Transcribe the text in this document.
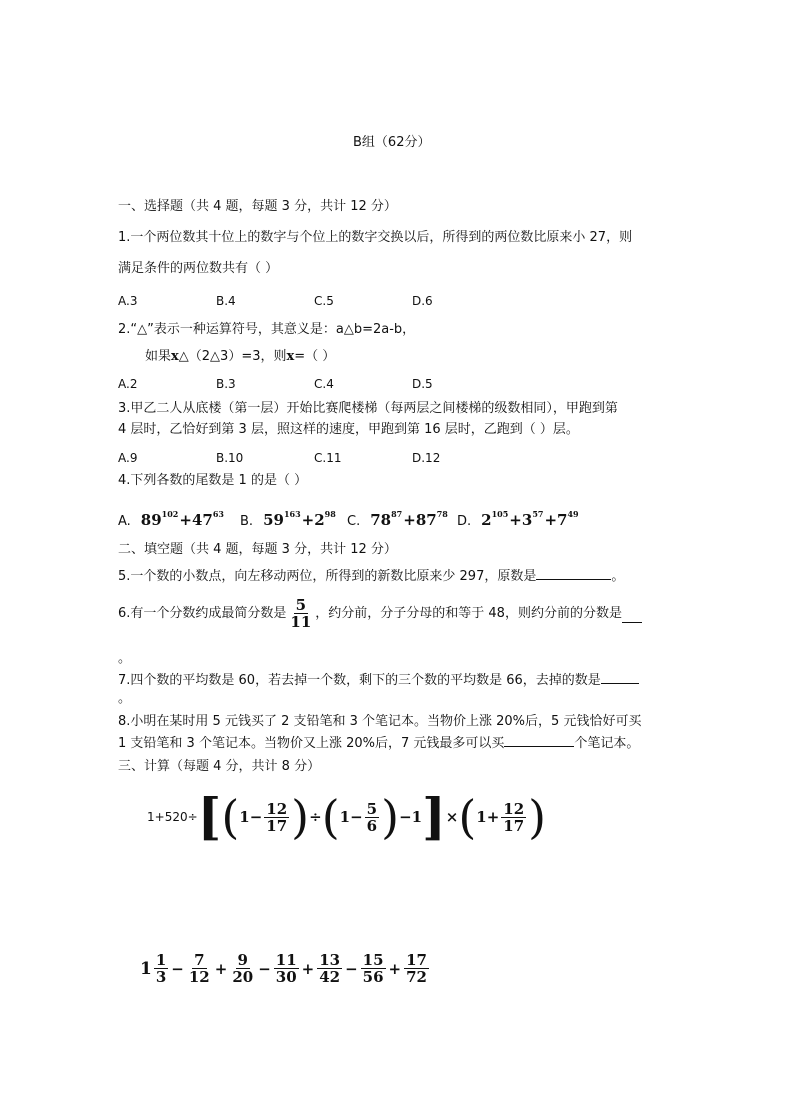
B组（62分）
一、选择题（共 4 题，每题 3 分，共计 12 分）
1.一个两位数其十位上的数字与个位上的数字交换以后，所得到的两位数比原来小 27，则
满足条件的两位数共有（ ）
A.3	B.4	C.5	D.6
2.“△”表示一种运算符号，其意义是：a△b=2a-b，
如果x△（2△3）=3，则x=（ ）
A.2	B.3	C.4	D.5
3.甲乙二人从底楼（第一层）开始比赛爬楼梯（每两层之间楼梯的级数相同），甲跑到第
4 层时，乙恰好到第 3 层，照这样的速度，甲跑到第 16 层时，乙跑到（ ）层。
A.9	B.10	C.11	D.12
4.下列各数的尾数是 1 的是（ ）
A. $89^{102}+47^{63}$ B. $59^{163}+2^{98}$ C. $78^{87}+87^{78}$ D. $2^{105}+3^{57}+7^{49}$
二、填空题（共 4 题，每题 3 分，共计 12 分）
5.一个数的小数点，向左移动两位，所得到的新数比原来少 297，原数是	。
6.有一个分数约成最简分数是 $\frac{5}{11}$ ，约分前，分子分母的和等于 48，则约分前的分数是
。
7.四个数的平均数是 60，若去掉一个数，剩下的三个数的平均数是 66，去掉的数是
。
8.小明在某时用 5 元钱买了 2 支铅笔和 3 个笔记本。当物价上涨 20%后，5 元钱恰好可买
1 支铅笔和 3 个笔记本。当物价又上涨 20%后，7 元钱最多可以买	个笔记本。
三、计算（每题 4 分，共计 8 分）
1+520÷ [ ( $1 - \frac{12}{17}$ ) ÷ ( $1 - \frac{5}{6}$ ) −1 ] × ( $1 + \frac{12}{17}$ )
$1 \frac{1}{3} - \frac{7}{12} + \frac{9}{20} - \frac{11}{30} + \frac{13}{42} - \frac{15}{56} + \frac{17}{72}$
